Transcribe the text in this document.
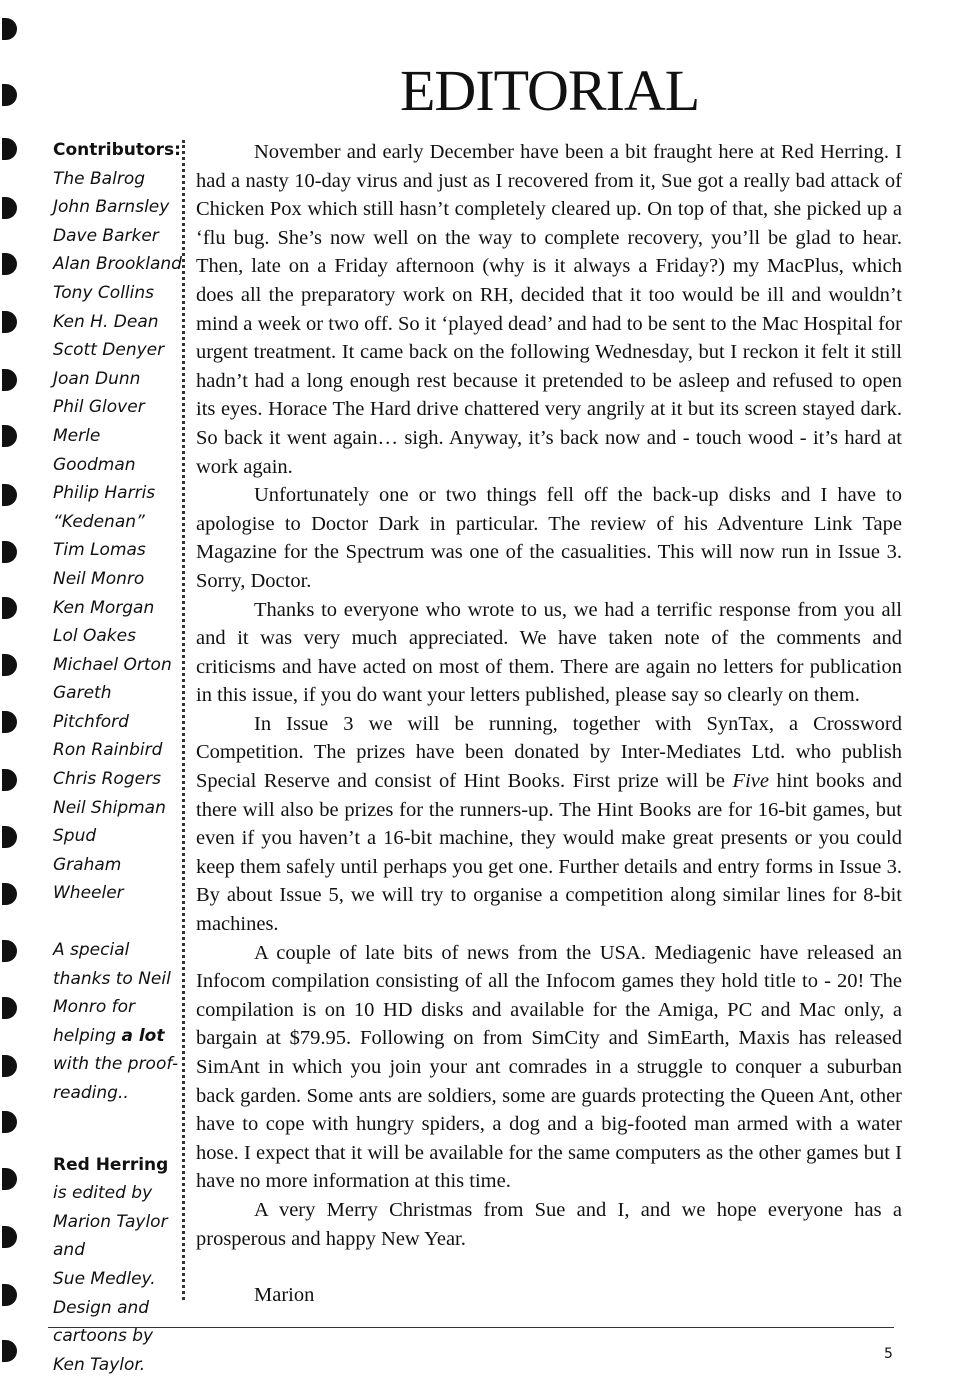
EDITORIAL
Contributors:
The Balrog
John Barnsley
Dave Barker
Alan Brookland
Tony Collins
Ken H. Dean
Scott Denyer
Joan Dunn
Phil Glover
Merle Goodman
Philip Harris
“Kedenan”
Tim Lomas
Neil Monro
Ken Morgan
Lol Oakes
Michael Orton
Gareth Pitchford
Ron Rainbird
Chris Rogers
Neil Shipman
Spud
Graham Wheeler
A special
thanks to Neil
Monro for
helping a lot
with the proof-
reading..
Red Herring
is edited by
Marion Taylor
and
Sue Medley.
Design and
cartoons by
Ken Taylor.

November and early December have been a bit fraught here at Red Herring. I had a nasty 10-day virus and just as I recovered from it, Sue got a really bad attack of Chicken Pox which still hasn’t completely cleared up. On top of that, she picked up a ‘flu bug. She’s now well on the way to complete recovery, you’ll be glad to hear. Then, late on a Friday afternoon (why is it always a Friday?) my MacPlus, which does all the preparatory work on RH, decided that it too would be ill and wouldn’t mind a week or two off. So it ‘played dead’ and had to be sent to the Mac Hospital for urgent treatment. It came back on the following Wednesday, but I reckon it felt it still hadn’t had a long enough rest because it pretended to be asleep and refused to open its eyes. Horace The Hard drive chattered very angrily at it but its screen stayed dark. So back it went again… sigh. Anyway, it’s back now and - touch wood - it’s hard at work again.

Unfortunately one or two things fell off the back-up disks and I have to apologise to Doctor Dark in particular. The review of his Adventure Link Tape Magazine for the Spectrum was one of the casualities. This will now run in Issue 3. Sorry, Doctor.

Thanks to everyone who wrote to us, we had a terrific response from you all and it was very much appreciated. We have taken note of the comments and criticisms and have acted on most of them. There are again no letters for publication in this issue, if you do want your letters published, please say so clearly on them.

In Issue 3 we will be running, together with SynTax, a Crossword Competition. The prizes have been donated by Inter-Mediates Ltd. who publish Special Reserve and consist of Hint Books. First prize will be Five hint books and there will also be prizes for the runners-up. The Hint Books are for 16-bit games, but even if you haven’t a 16-bit machine, they would make great presents or you could keep them safely until perhaps you get one. Further details and entry forms in Issue 3. By about Issue 5, we will try to organise a competition along similar lines for 8-bit machines.

A couple of late bits of news from the USA. Mediagenic have released an Infocom compilation consisting of all the Infocom games they hold title to - 20! The compilation is on 10 HD disks and available for the Amiga, PC and Mac only, a bargain at $79.95. Following on from SimCity and SimEarth, Maxis has released SimAnt in which you join your ant comrades in a struggle to conquer a suburban back garden. Some ants are soldiers, some are guards protecting the Queen Ant, other have to cope with hungry spiders, a dog and a big-footed man armed with a water hose. I expect that it will be available for the same computers as the other games but I have no more information at this time.

A very Merry Christmas from Sue and I, and we hope everyone has a prosperous and happy New Year.

Marion

5
